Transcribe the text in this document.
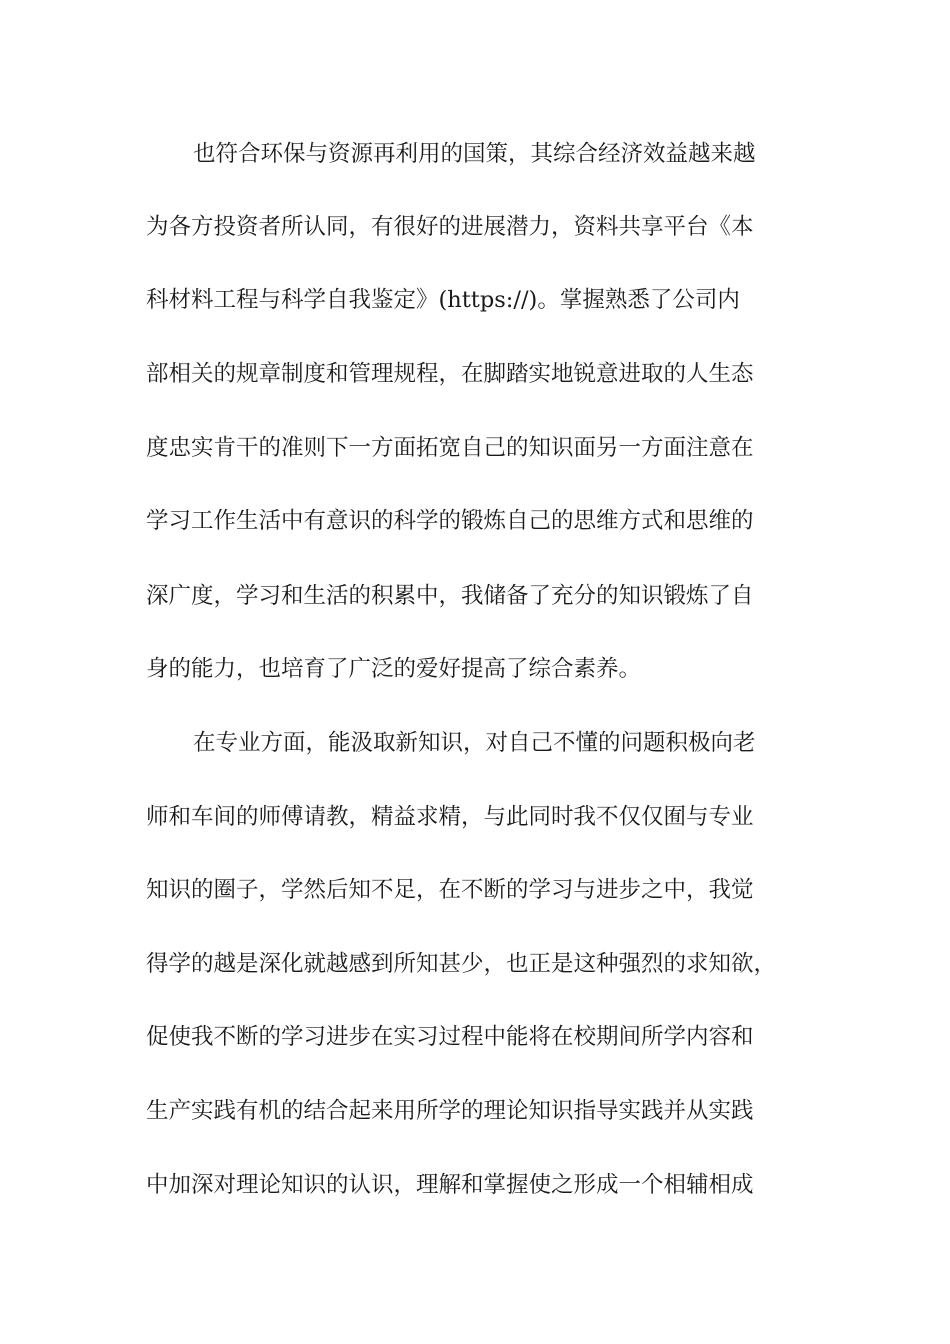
也符合环保与资源再利用的国策，其综合经济效益越来越
为各方投资者所认同，有很好的进展潜力，资料共享平台《本
科材料工程与科学自我鉴定》(https://)。掌握熟悉了公司内
部相关的规章制度和管理规程，在脚踏实地锐意进取的人生态
度忠实肯干的准则下一方面拓宽自己的知识面另一方面注意在
学习工作生活中有意识的科学的锻炼自己的思维方式和思维的
深广度，学习和生活的积累中，我储备了充分的知识锻炼了自
身的能力，也培育了广泛的爱好提高了综合素养。
在专业方面，能汲取新知识，对自己不懂的问题积极向老
师和车间的师傅请教，精益求精，与此同时我不仅仅囿与专业
知识的圈子，学然后知不足，在不断的学习与进步之中，我觉
得学的越是深化就越感到所知甚少，也正是这种强烈的求知欲，
促使我不断的学习进步在实习过程中能将在校期间所学内容和
生产实践有机的结合起来用所学的理论知识指导实践并从实践
中加深对理论知识的认识，理解和掌握使之形成一个相辅相成
